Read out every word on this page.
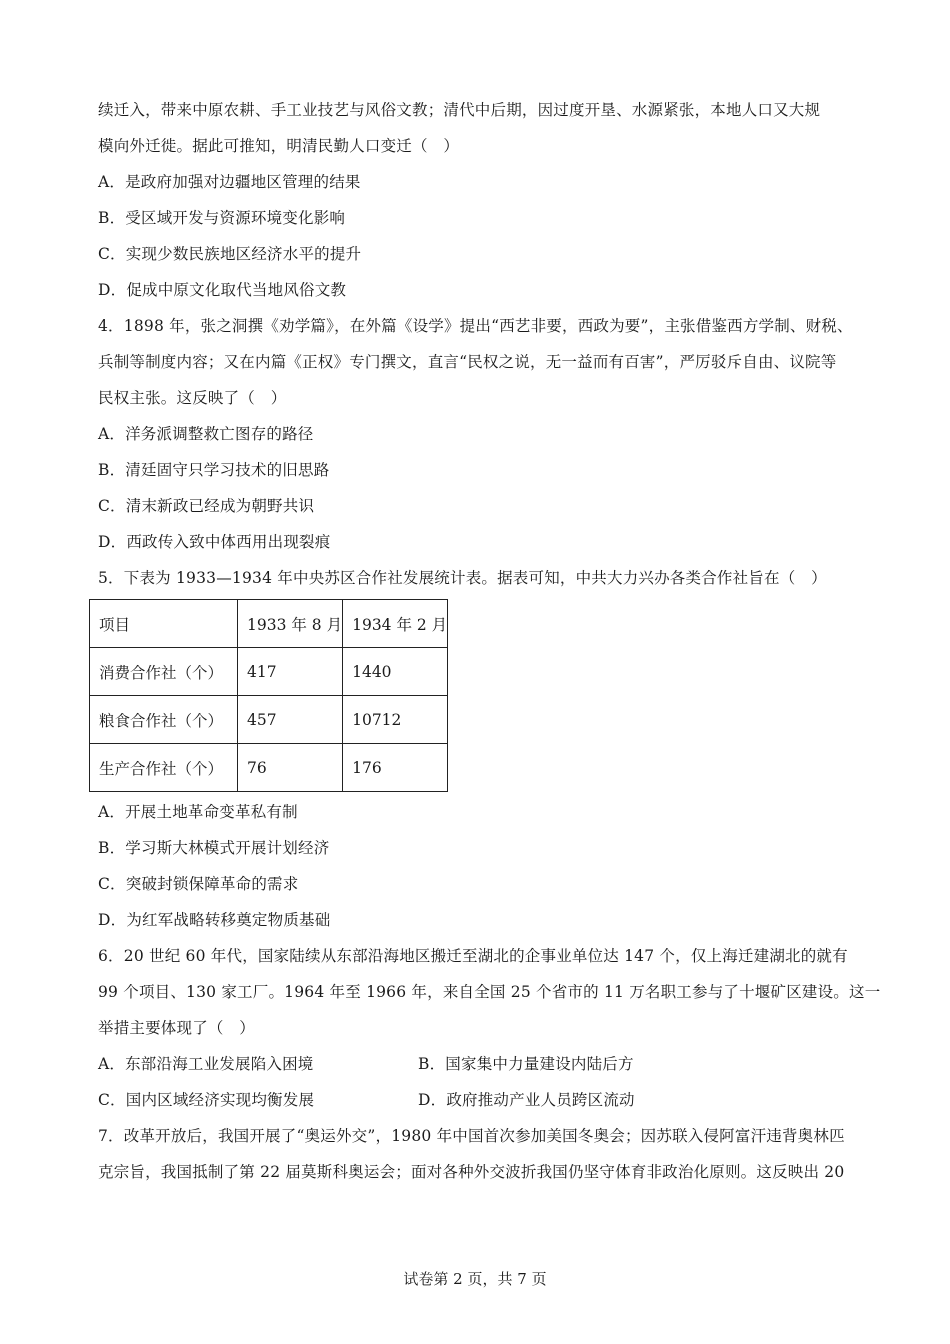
续迁入，带来中原农耕、手工业技艺与风俗文教；清代中后期，因过度开垦、水源紧张，本地人口又大规
模向外迁徙。据此可推知，明清民勤人口变迁（　）
A．是政府加强对边疆地区管理的结果
B．受区域开发与资源环境变化影响
C．实现少数民族地区经济水平的提升
D．促成中原文化取代当地风俗文教
4．1898 年，张之洞撰《劝学篇》，在外篇《设学》提出“西艺非要，西政为要”，主张借鉴西方学制、财税、
兵制等制度内容；又在内篇《正权》专门撰文，直言“民权之说，无一益而有百害”，严厉驳斥自由、议院等
民权主张。这反映了（　）
A．洋务派调整救亡图存的路径
B．清廷固守只学习技术的旧思路
C．清末新政已经成为朝野共识
D．西政传入致中体西用出现裂痕
5．下表为 1933—1934 年中央苏区合作社发展统计表。据表可知，中共大力兴办各类合作社旨在（　）
项目	1933 年 8 月	1934 年 2 月
消费合作社（个）	417	1440
粮食合作社（个）	457	10712
生产合作社（个）	76	176
A．开展土地革命变革私有制
B．学习斯大林模式开展计划经济
C．突破封锁保障革命的需求
D．为红军战略转移奠定物质基础
6．20 世纪 60 年代，国家陆续从东部沿海地区搬迁至湖北的企事业单位达 147 个，仅上海迁建湖北的就有
99 个项目、130 家工厂。1964 年至 1966 年，来自全国 25 个省市的 11 万名职工参与了十堰矿区建设。这一
举措主要体现了（　）
A．东部沿海工业发展陷入困境	B．国家集中力量建设内陆后方
C．国内区域经济实现均衡发展	D．政府推动产业人员跨区流动
7．改革开放后，我国开展了“奥运外交”，1980 年中国首次参加美国冬奥会；因苏联入侵阿富汗违背奥林匹
克宗旨，我国抵制了第 22 届莫斯科奥运会；面对各种外交波折我国仍坚守体育非政治化原则。这反映出 20
试卷第 2 页，共 7 页
